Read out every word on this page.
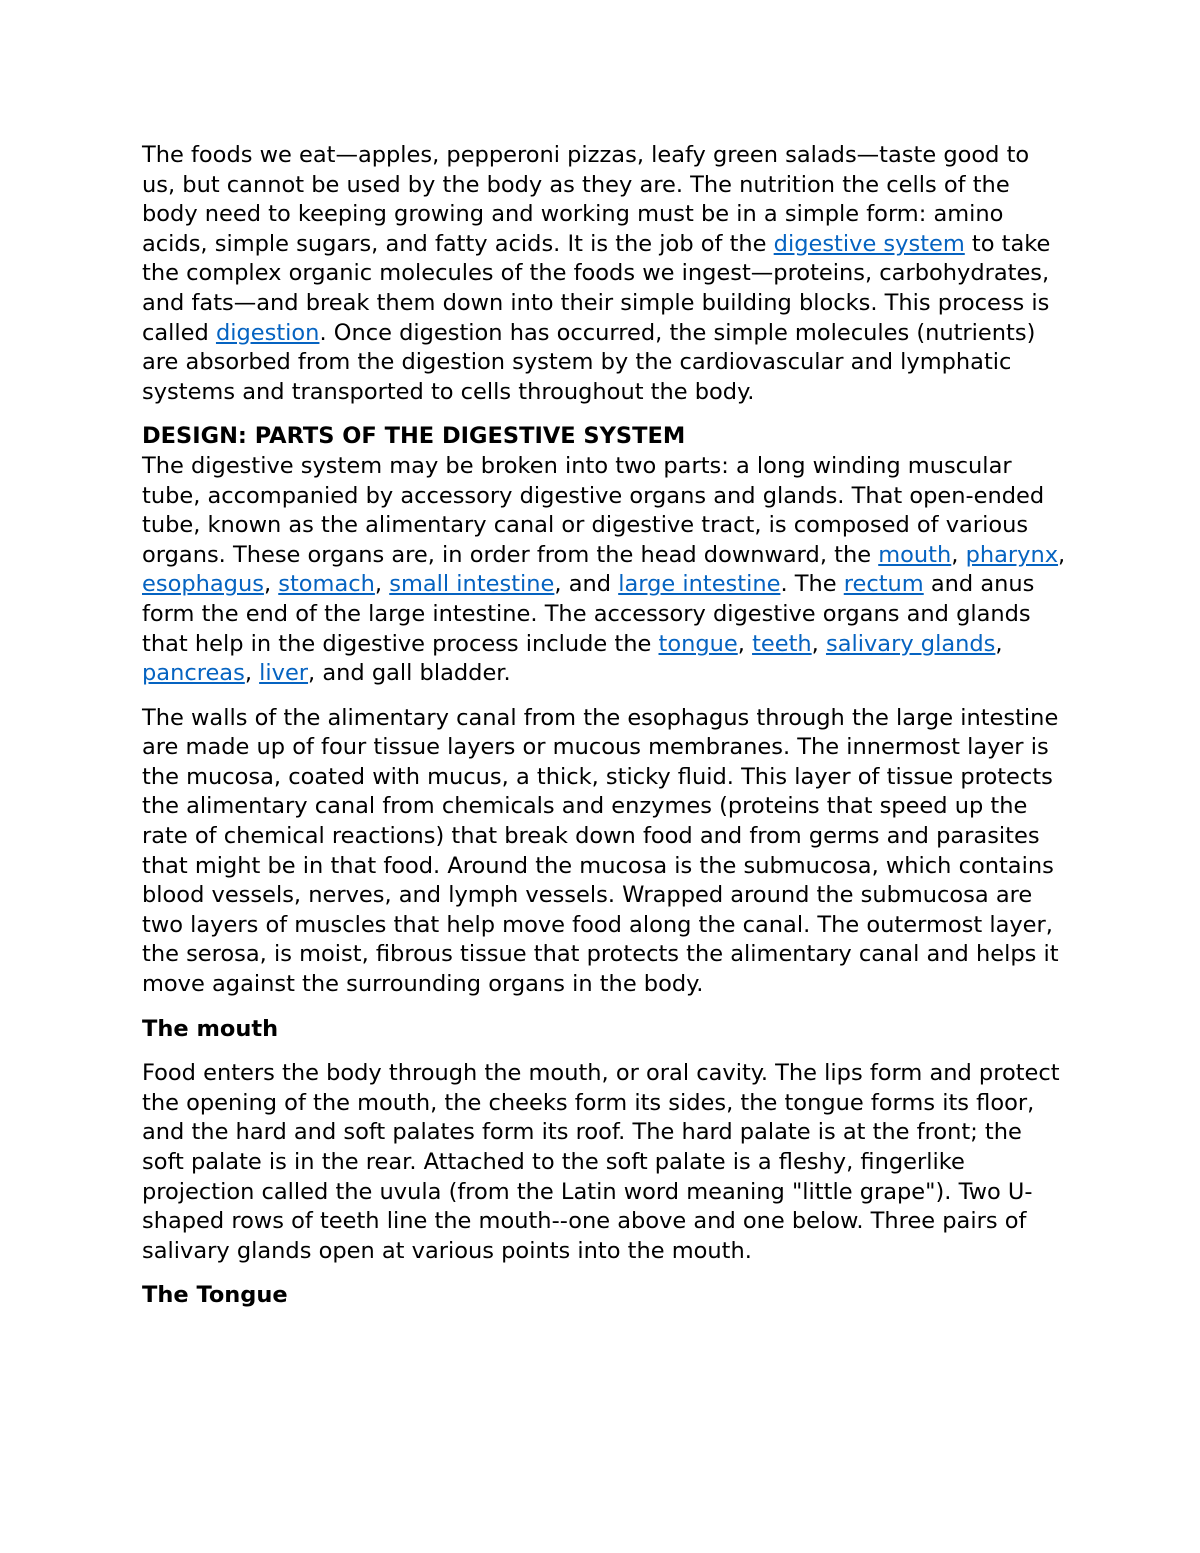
The foods we eat—apples, pepperoni pizzas, leafy green salads—taste good to us, but cannot be used by the body as they are. The nutrition the cells of the body need to keeping growing and working must be in a simple form: amino acids, simple sugars, and fatty acids. It is the job of the digestive system to take the complex organic molecules of the foods we ingest—proteins, carbohydrates, and fats—and break them down into their simple building blocks. This process is called digestion. Once digestion has occurred, the simple molecules (nutrients) are absorbed from the digestion system by the cardiovascular and lymphatic systems and transported to cells throughout the body.

DESIGN: PARTS OF THE DIGESTIVE SYSTEM

The digestive system may be broken into two parts: a long winding muscular tube, accompanied by accessory digestive organs and glands. That open-ended tube, known as the alimentary canal or digestive tract, is composed of various organs. These organs are, in order from the head downward, the mouth, pharynx, esophagus, stomach, small intestine, and large intestine. The rectum and anus form the end of the large intestine. The accessory digestive organs and glands that help in the digestive process include the tongue, teeth, salivary glands, pancreas, liver, and gall bladder.

The walls of the alimentary canal from the esophagus through the large intestine are made up of four tissue layers or mucous membranes. The innermost layer is the mucosa, coated with mucus, a thick, sticky fluid. This layer of tissue protects the alimentary canal from chemicals and enzymes (proteins that speed up the rate of chemical reactions) that break down food and from germs and parasites that might be in that food. Around the mucosa is the submucosa, which contains blood vessels, nerves, and lymph vessels. Wrapped around the submucosa are two layers of muscles that help move food along the canal. The outermost layer, the serosa, is moist, fibrous tissue that protects the alimentary canal and helps it move against the surrounding organs in the body.

The mouth

Food enters the body through the mouth, or oral cavity. The lips form and protect the opening of the mouth, the cheeks form its sides, the tongue forms its floor, and the hard and soft palates form its roof. The hard palate is at the front; the soft palate is in the rear. Attached to the soft palate is a fleshy, fingerlike projection called the uvula (from the Latin word meaning "little grape"). Two U-shaped rows of teeth line the mouth--one above and one below. Three pairs of salivary glands open at various points into the mouth.

The Tongue
